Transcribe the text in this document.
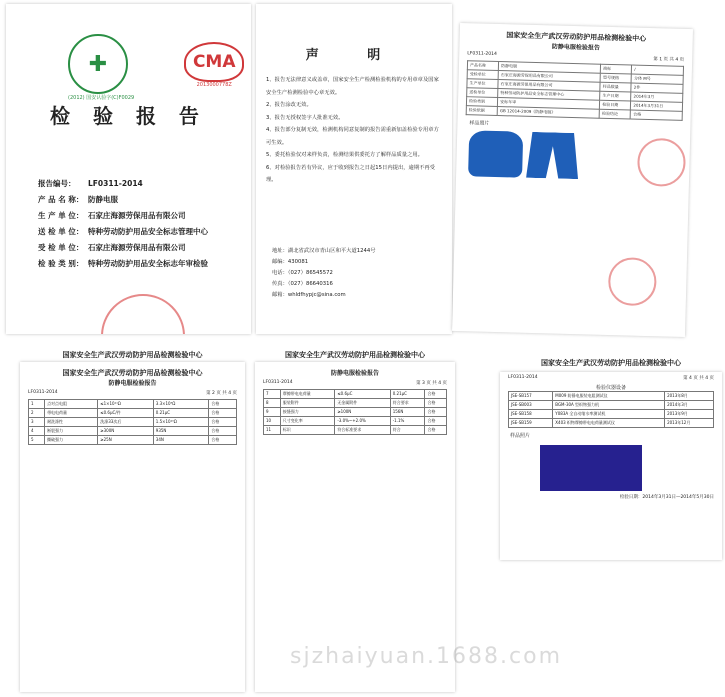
✚
(2012) 国安认验字(C)F0029
CMA
2013000778Z
检 验 报 告
报告编号：	LF0311-2014
产 品 名 称： 防静电服
生 产 单 位： 石家庄海源劳保用品有限公司
送 检 单 位： 特种劳动防护用品安全标志管理中心
受 检 单 位： 石家庄海源劳保用品有限公司
检 验 类 别： 特种劳动防护用品安全标志年审检验
声 明
1、报告无法律意义或盖章，国家安全生产检测检验机构的专用章章及国家安全生产检测检验中心章无效。
2、报告涂改无效。
3、报告无授权签字人批准无效。
4、报告部分复制无效，检测机构同意复制的报告需重新加盖检验专用章方可生效。
5、委托检验仅对来样负责，检测结果供委托方了解样品质量之用。
6、对检验报告若有异议，应于收到报告之日起15日内提出，逾期不再受理。
地址：湖北省武汉市青山区和平大道1244号
邮编：430081
电话：（027）86545572
传真：（027）86640316
邮箱：whldfhypjc@sina.com
国家安全生产武汉劳动防护用品检测检验中心
防静电服检验报告
LF0311-2014
第 1 页 共 4 页
产品名称	防静电服	商标	/
受检单位	石家庄海源劳保用品有限公司	型号规格	分体 M号
生产单位	石家庄海源劳保用品有限公司	样品数量	2件
送检单位	特种劳动防护用品安全标志管理中心	生产日期	2014年3月
检验类别	安标年审	检验日期	2014年3月31日
检验依据	GB 12014-2009《防静电服》	检验结论	合格
样品照片
国家安全生产武汉劳动防护用品检测检验中心
国家安全生产武汉劳动防护用品检测检验中心
防静电服检验报告
LF0311-2014	第 2 页 共 4 页
1	点对点电阻	≤1×10¹¹Ω	3.3×10⁹Ω	合格
2	带电电荷量	≤0.6μC/件	0.21μC	合格
3	耐洗涤性	洗涤33次后	1.5×10¹⁰Ω	合格
4	断裂强力	≥300N	935N	合格
5	撕破强力	≥25N	34N	合格
国家安全生产武汉劳动防护用品检测检验中心
防静电服检验报告
LF0311-2014	第 3 页 共 4 页
7	摩擦带电电荷量	≤0.6μC	0.21μC	合格
8	服装附件	无金属附件	符合要求	合格
9	接缝强力	≥100N	156N	合格
10	尺寸变化率	-3.0%~+2.0%	-1.1%	合格
11	标识	符合标准要求	符合	合格
国家安全生产武汉劳动防护用品检测检验中心
LF0311-2014	第 4 页 共 4 页
检验仪器设备
JSE-SB157	M009 防静电服装电阻测试仪	2013年8月
JSE-SB003	BGM-30A 型织物强力机	2014年3月
JSE-SB158	Y083A 全自动缩水率测试机	2013年9月
JSE-SB159	X403 织物摩擦带电电荷量测试仪	2013年12月
样品照片
检验日期：2014年3月31日—2014年5月30日
sjzhaiyuan.1688.com
